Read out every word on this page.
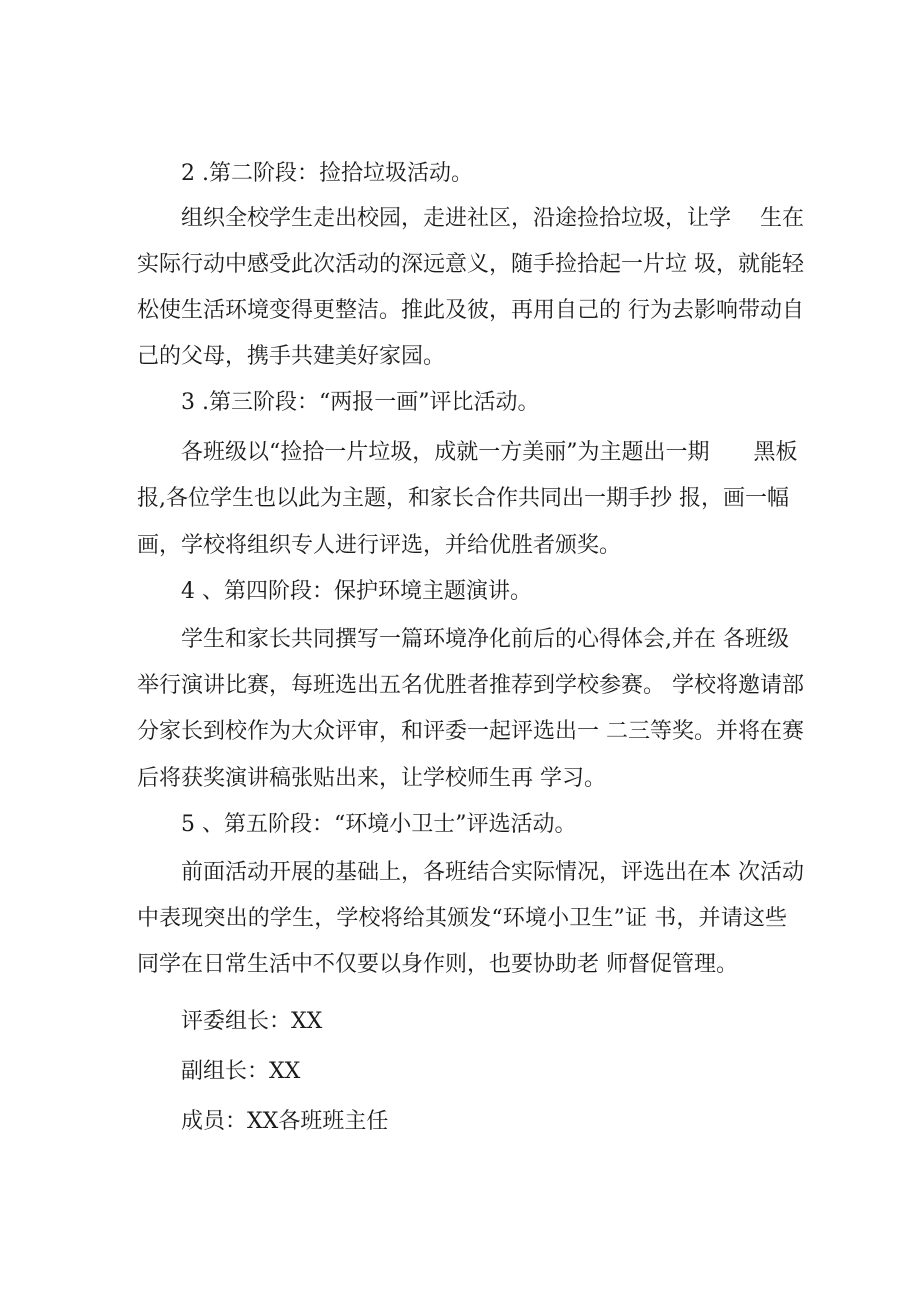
2 .第二阶段：捡拾垃圾活动。
组织全校学生走出校园，走进社区，沿途捡拾垃圾，让学　 生在
实际行动中感受此次活动的深远意义，随手捡拾起一片垃 圾，就能轻
松使生活环境变得更整洁。推此及彼，再用自己的 行为去影响带动自
己的父母，携手共建美好家园。
3 .第三阶段：“两报一画”评比活动。
各班级以“捡拾一片垃圾，成就一方美丽”为主题出一期　　黑板
报,各位学生也以此为主题，和家长合作共同出一期手抄 报，画一幅
画，学校将组织专人进行评选，并给优胜者颁奖。
4 、第四阶段：保护环境主题演讲。
学生和家长共同撰写一篇环境净化前后的心得体会,并在 各班级
举行演讲比赛，每班选出五名优胜者推荐到学校参赛。 学校将邀请部
分家长到校作为大众评审，和评委一起评选出一 二三等奖。并将在赛
后将获奖演讲稿张贴出来，让学校师生再 学习。
5 、第五阶段：“环境小卫士”评选活动。
前面活动开展的基础上，各班结合实际情况，评选出在本 次活动
中表现突出的学生，学校将给其颁发“环境小卫生”证 书，并请这些
同学在日常生活中不仅要以身作则，也要协助老 师督促管理。
评委组长：XX
副组长：XX
成员：XX各班班主任
